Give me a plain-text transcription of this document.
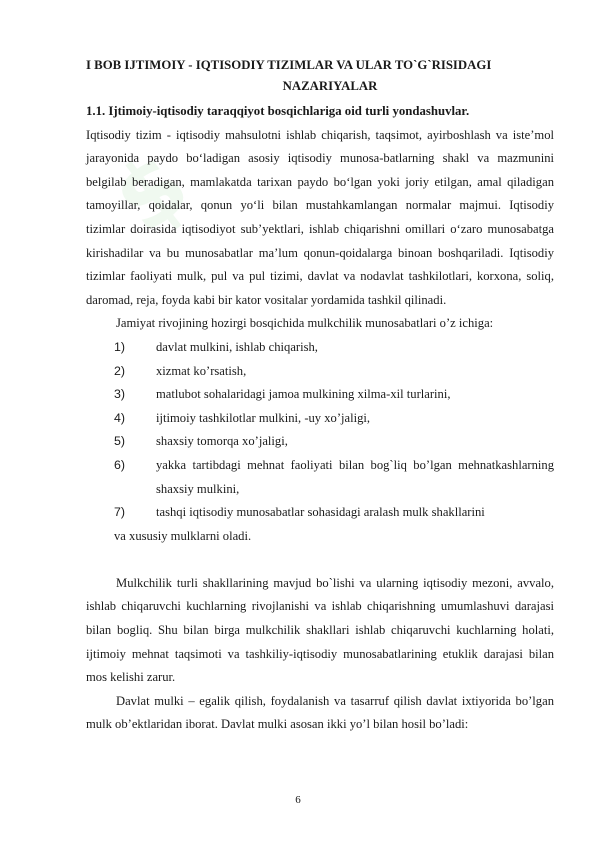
$
I BOB IJTIMOIY - IQTISODIY TIZIMLAR VA ULAR TO`G`RISIDAGI
NAZARIYALAR
1.1. Ijtimoiy-iqtisodiy taraqqiyot bosqichlariga oid turli yondashuvlar.

Iqtisodiy tizim - iqtisodiy mahsulotni ishlab chiqarish, taqsimot, ayirboshlash va iste’mol jarayonida paydo bo‘ladigan asosiy iqtisodiy munosa-batlarning shakl va mazmunini belgilab beradigan, mamlakatda tarixan paydo bo‘lgan yoki joriy etilgan, amal qiladigan tamoyillar, qoidalar, qonun yo‘li bilan mustahkamlangan normalar majmui. Iqtisodiy tizimlar doirasida iqtisodiyot sub’yektlari, ishlab chiqarishni omillari o‘zaro munosabatga kirishadilar va bu munosabatlar ma’lum qonun-qoidalarga binoan boshqariladi. Iqtisodiy tizimlar faoliyati mulk, pul va pul tizimi, davlat va nodavlat tashkilotlari, korxona, soliq, daromad, reja, foyda kabi bir kator vositalar yordamida tashkil qilinadi.

Jamiyat rivojining hozirgi bosqichida mulkchilik munosabatlari o’z ichiga:

1) davlat mulkini, ishlab chiqarish,
2) xizmat ko’rsatish,
3) matlubot sohalaridagi jamoa mulkining xilma-xil turlarini,
4) ijtimoiy tashkilotlar mulkini, -uy xo’jaligi,
5) shaxsiy tomorqa xo’jaligi,
6) yakka tartibdagi mehnat faoliyati bilan bog`liq bo’lgan mehnatkashlarning shaxsiy mulkini,
7) tashqi iqtisodiy munosabatlar sohasidagi aralash mulk shakllarini

va xususiy mulklarni oladi.

Mulkchilik turli shakllarining mavjud bo`lishi va ularning iqtisodiy mezoni, avvalo, ishlab chiqaruvchi kuchlarning rivojlanishi va ishlab chiqarishning umumlashuvi darajasi bilan bogliq. Shu bilan birga mulkchilik shakllari ishlab chiqaruvchi kuchlarning holati, ijtimoiy mehnat taqsimoti va tashkiliy-iqtisodiy munosabatlarining etuklik darajasi bilan mos kelishi zarur.

Davlat mulki – egalik qilish, foydalanish va tasarruf qilish davlat ixtiyorida bo’lgan mulk ob’ektlaridan iborat. Davlat mulki asosan ikki yo’l bilan hosil bo’ladi:

6
